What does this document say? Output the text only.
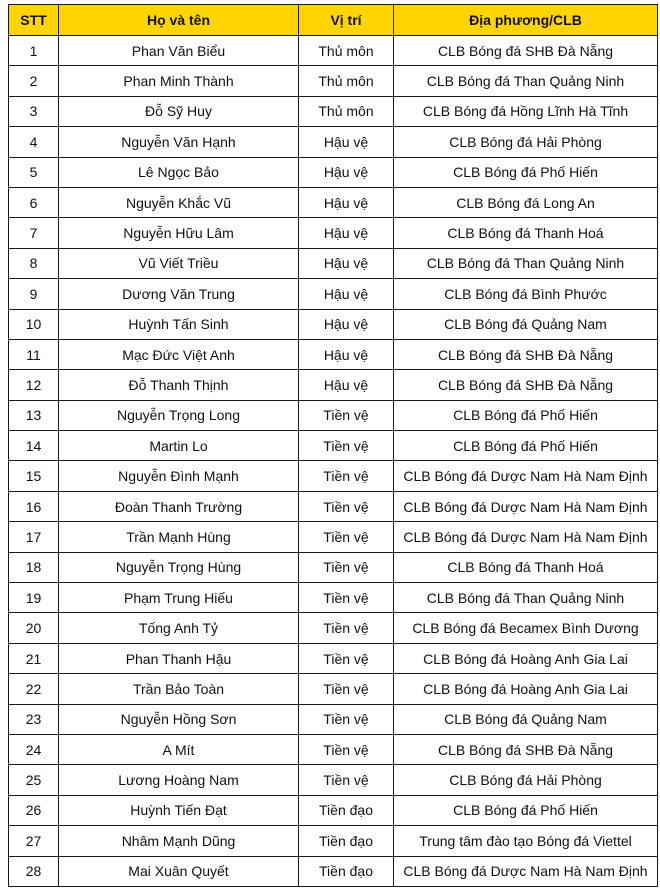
STT	Họ và tên	Vị trí	Địa phương/CLB
1	Phan Văn Biểu	Thủ môn	CLB Bóng đá SHB Đà Nẵng
2	Phan Minh Thành	Thủ môn	CLB Bóng đá Than Quảng Ninh
3	Đỗ Sỹ Huy	Thủ môn	CLB Bóng đá Hồng Lĩnh Hà Tĩnh
4	Nguyễn Văn Hạnh	Hậu vệ	CLB Bóng đá Hải Phòng
5	Lê Ngọc Bảo	Hậu vệ	CLB Bóng đá Phố Hiến
6	Nguyễn Khắc Vũ	Hậu vệ	CLB Bóng đá Long An
7	Nguyễn Hữu Lâm	Hậu vệ	CLB Bóng đá Thanh Hoá
8	Vũ Viết Triều	Hậu vệ	CLB Bóng đá Than Quảng Ninh
9	Dương Văn Trung	Hậu vệ	CLB Bóng đá Bình Phước
10	Huỳnh Tấn Sinh	Hậu vệ	CLB Bóng đá Quảng Nam
11	Mạc Đức Việt Anh	Hậu vệ	CLB Bóng đá SHB Đà Nẵng
12	Đỗ Thanh Thịnh	Hậu vệ	CLB Bóng đá SHB Đà Nẵng
13	Nguyễn Trọng Long	Tiền vệ	CLB Bóng đá Phố Hiến
14	Martin Lo	Tiền vệ	CLB Bóng đá Phố Hiến
15	Nguyễn Đình Mạnh	Tiền vệ	CLB Bóng đá Dược Nam Hà Nam Định
16	Đoàn Thanh Trường	Tiền vệ	CLB Bóng đá Dược Nam Hà Nam Định
17	Trần Mạnh Hùng	Tiền vệ	CLB Bóng đá Dược Nam Hà Nam Định
18	Nguyễn Trọng Hùng	Tiền vệ	CLB Bóng đá Thanh Hoá
19	Phạm Trung Hiếu	Tiền vệ	CLB Bóng đá Than Quảng Ninh
20	Tống Anh Tỷ	Tiền vệ	CLB Bóng đá Becamex Bình Dương
21	Phan Thanh Hậu	Tiền vệ	CLB Bóng đá Hoàng Anh Gia Lai
22	Trần Bảo Toàn	Tiền vệ	CLB Bóng đá Hoàng Anh Gia Lai
23	Nguyễn Hồng Sơn	Tiền vệ	CLB Bóng đá Quảng Nam
24	A Mít	Tiền vệ	CLB Bóng đá SHB Đà Nẵng
25	Lương Hoàng Nam	Tiền vệ	CLB Bóng đá Hải Phòng
26	Huỳnh Tiến Đạt	Tiền đạo	CLB Bóng đá Phố Hiến
27	Nhâm Mạnh Dũng	Tiền đạo	Trung tâm đào tạo Bóng đá Viettel
28	Mai Xuân Quyết	Tiền đạo	CLB Bóng đá Dược Nam Hà Nam Định
